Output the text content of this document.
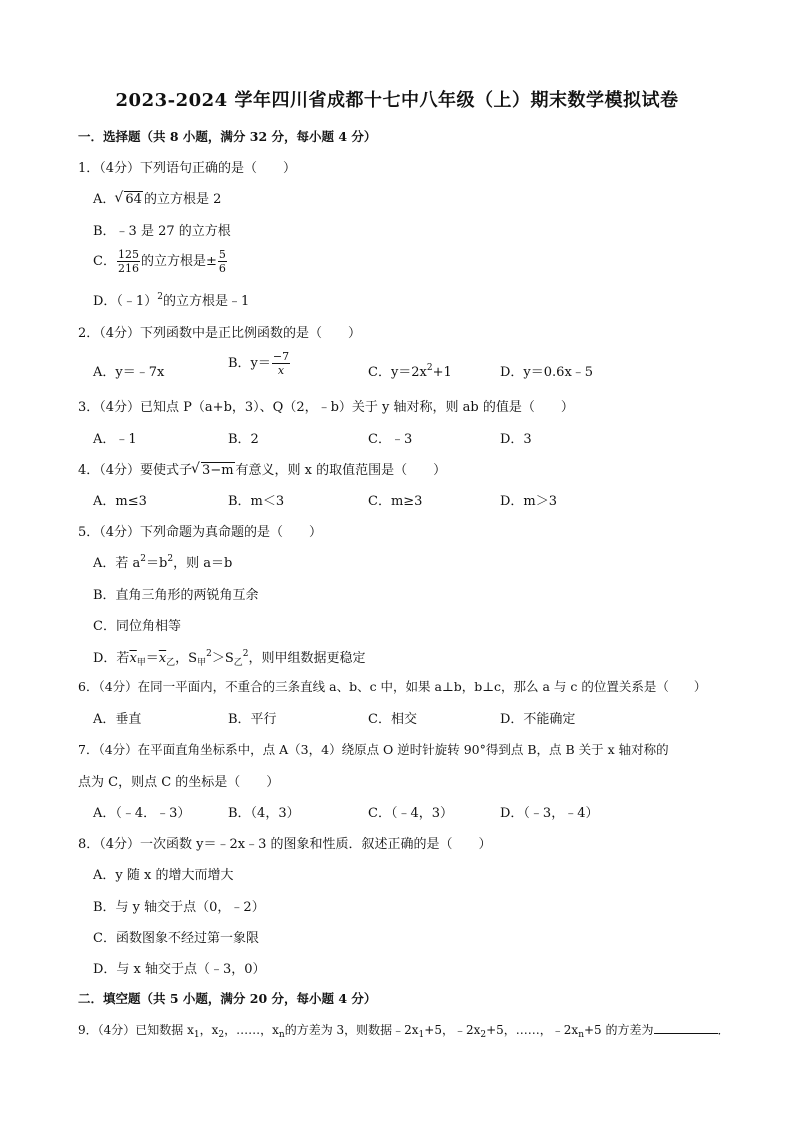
2023-2024 学年四川省成都十七中八年级（上）期末数学模拟试卷
一．选择题（共 8 小题，满分 32 分，每小题 4 分）
1．（4分）下列语句正确的是（　　）
A． √ 64 的立方根是 2
B．﹣3 是 27 的立方根
C． $\frac{125}{216}$ 的立方根是± $\frac{5}{6}$
D．（﹣1）$^2$的立方根是﹣1
2．（4分）下列函数中是正比例函数的是（　　）
A．y＝﹣7x
B．$y= \frac{-7}{x}$	C．$y=2x^2+1$	D．y＝0.6x﹣5
3．（4分）已知点 P（a+b，3）、Q（2，﹣b）关于 y 轴对称，则 ab 的值是（　　）
A．﹣1	B．2	C．﹣3	D．3
4．（4分）要使式子 √ 3−m 有意义，则 x 的取值范围是（　　）
A．m≤3	B．m＜3	C．m≥3	D．m＞3
5．（4分）下列命题为真命题的是（　　）
A．若 $a^2=b^2$，则 a＝b
B．直角三角形的两锐角互余
C．同位角相等
D．若$\overline{x}_甲=\overline{x}_乙$，$S_甲^2>S_乙^2$，则甲组数据更稳定
6．（4分）在同一平面内，不重合的三条直线 a、b、c 中，如果 a⊥b，b⊥c，那么 a 与 c 的位置关系是（　　）
A．垂直	B．平行	C．相交	D．不能确定
7．（4分）在平面直角坐标系中，点 A（3，4）绕原点 O 逆时针旋转 90°得到点 B，点 B 关于 x 轴对称的
点为 C，则点 C 的坐标是（　　）
A．（﹣4．﹣3）	B．（4，3）	C．（﹣4，3）	D．（﹣3，﹣4）
8．（4分）一次函数 y＝﹣2x﹣3 的图象和性质．叙述正确的是（　　）
A．y 随 x 的增大而增大
B．与 y 轴交于点（0，﹣2）
C．函数图象不经过第一象限
D．与 x 轴交于点（﹣3，0）
二．填空题（共 5 小题，满分 20 分，每小题 4 分）
9．（4分）已知数据 $x_1$，$x_2$，……，$x_n$的方差为 3，则数据$﹣2x_1+5$，$﹣2x_2+5$，……，$﹣2x_n+5$ 的方差为	．
